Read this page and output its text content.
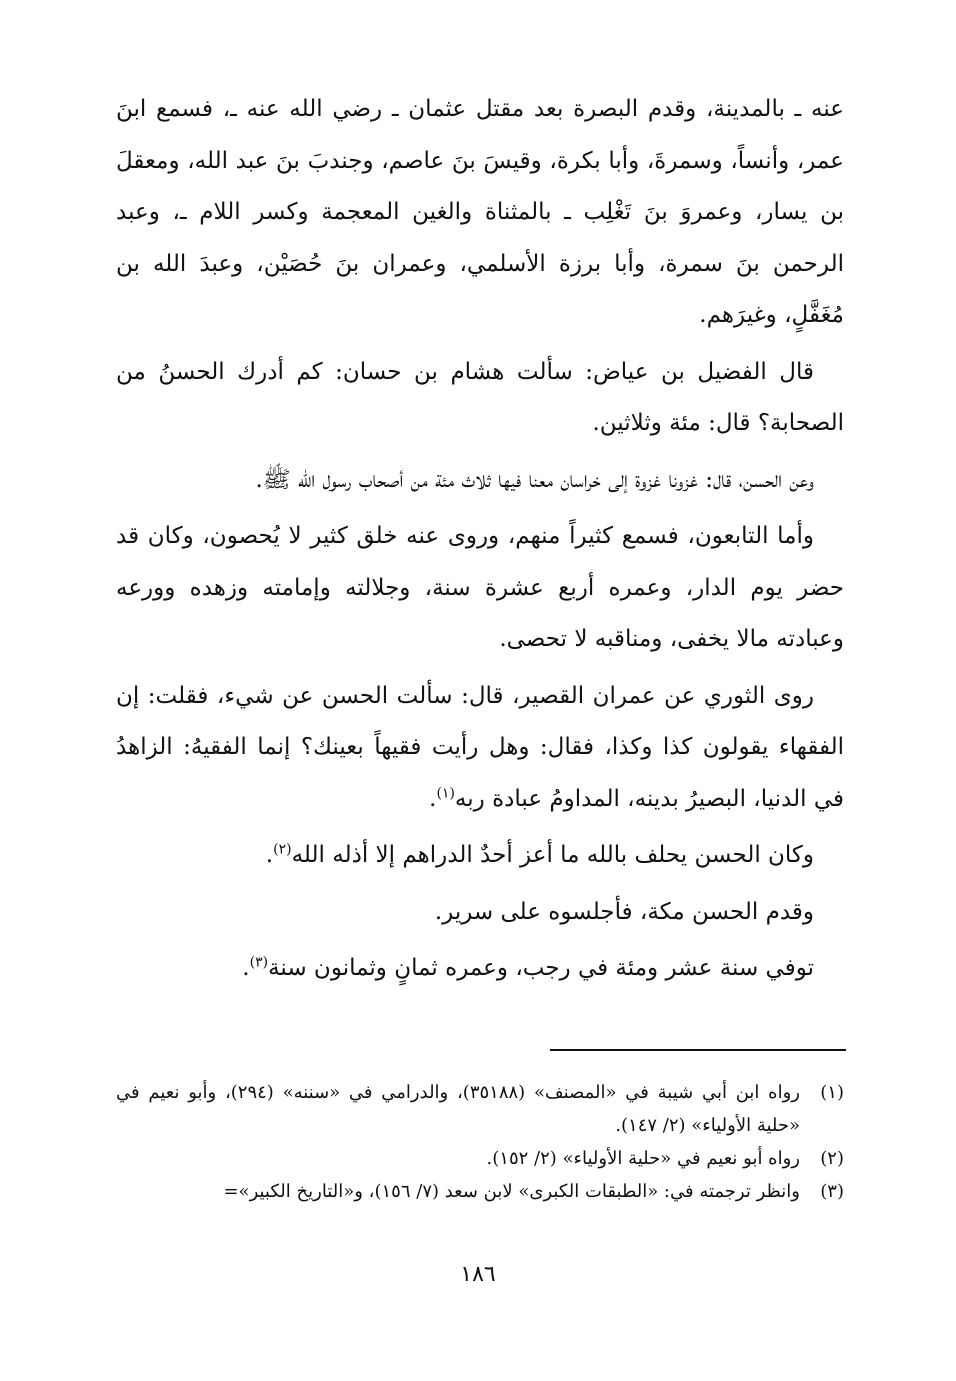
عنه ـ بالمدينة، وقدم البصرة بعد مقتل عثمان ـ رضي الله عنه ـ، فسمع ابنَ عمر، وأنساً، وسمرةَ، وأبا بكرة، وقيسَ بنَ عاصم، وجندبَ بنَ عبد الله، ومعقلَ بن يسار، وعمروَ بنَ تَغْلِب ـ بالمثناة والغين المعجمة وكسر اللام ـ، وعبد الرحمن بنَ سمرة، وأبا برزة الأسلمي، وعمران بنَ حُصَيْن، وعبدَ الله بن مُغَفَّلٍ، وغيرَهم.

قال الفضيل بن عياض: سألت هشام بن حسان: كم أدرك الحسنُ من الصحابة؟ قال: مئة وثلاثين.

وعن الحسن، قال: غزونا غزوة إلى خراسان معنا فيها ثلاث مئة من أصحاب رسول الله ﷺ.

وأما التابعون، فسمع كثيراً منهم، وروى عنه خلق كثير لا يُحصون، وكان قد حضر يوم الدار، وعمره أربع عشرة سنة، وجلالته وإمامته وزهده وورعه وعبادته مالا يخفى، ومناقبه لا تحصى.

روى الثوري عن عمران القصير، قال: سألت الحسن عن شيء، فقلت: إن الفقهاء يقولون كذا وكذا، فقال: وهل رأيت فقيهاً بعينك؟ إنما الفقيهُ: الزاهدُ في الدنيا، البصيرُ بدينه، المداومُ عبادة ربه$^{(١)}$.

وكان الحسن يحلف بالله ما أعز أحدٌ الدراهم إلا أذله الله$^{(٢)}$.

وقدم الحسن مكة، فأجلسوه على سرير.

توفي سنة عشر ومئة في رجب، وعمره ثمانٍ وثمانون سنة$^{(٣)}$.

(١)
رواه ابن أبي شيبة في «المصنف» (٣٥١٨٨)، والدرامي في «سننه» (٢٩٤)، وأبو نعيم في «حلية الأولياء» (٢/ ١٤٧).
(٢)
رواه أبو نعيم في «حلية الأولياء» (٢/ ١٥٢).
(٣)
وانظر ترجمته في: «الطبقات الكبرى» لابن سعد (٧/ ١٥٦)، و«التاريخ الكبير»=
١٨٦
